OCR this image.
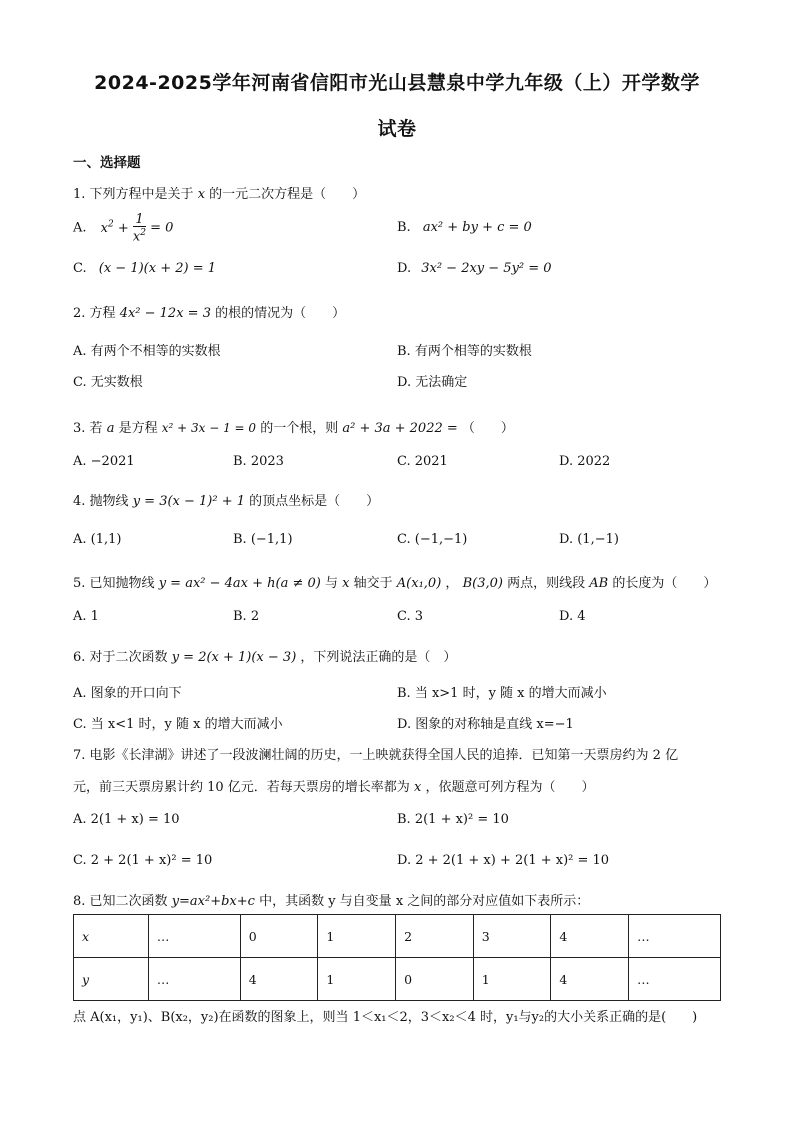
2024-2025学年河南省信阳市光山县慧泉中学九年级（上）开学数学
试卷
一、选择题
1. 下列方程中是关于 x 的一元二次方程是（　　）
A. $x^2 + \frac{1}{x^2} = 0$	B. ax² + by + c = 0
C. (x − 1)(x + 2) = 1	D. 3x² − 2xy − 5y² = 0
2. 方程 4x² − 12x = 3 的根的情况为（　　）
A. 有两个不相等的实数根	B. 有两个相等的实数根
C. 无实数根	D. 无法确定
3. 若 a 是方程 x² + 3x − 1 = 0 的一个根，则 a² + 3a + 2022 = （　　）
A. −2021	B. 2023	C. 2021	D. 2022
4. 抛物线 y = 3(x − 1)² + 1 的顶点坐标是（　　）
A. (1,1)	B. (−1,1)	C. (−1,−1)	D. (1,−1)
5. 已知抛物线 y = ax² − 4ax + h(a ≠ 0) 与 x 轴交于 A(x₁,0) ， B(3,0) 两点，则线段 AB 的长度为（　　）
A. 1	B. 2	C. 3	D. 4
6. 对于二次函数 y = 2(x + 1)(x − 3) ，下列说法正确的是（　）
A. 图象的开口向下	B. 当 x>1 时，y 随 x 的增大而减小
C. 当 x<1 时，y 随 x 的增大而减小	D. 图象的对称轴是直线 x=−1
7. 电影《长津湖》讲述了一段波澜壮阔的历史，一上映就获得全国人民的追捧．已知第一天票房约为 2 亿
元，前三天票房累计约 10 亿元．若每天票房的增长率都为 x ，依题意可列方程为（　　）
A. 2(1 + x) = 10	B. 2(1 + x)² = 10
C. 2 + 2(1 + x)² = 10	D. 2 + 2(1 + x) + 2(1 + x)² = 10
8. 已知二次函数 y=ax²+bx+c 中，其函数 y 与自变量 x 之间的部分对应值如下表所示：
x	…	0	1	2	3	4	…
y	…	4	1	0	1	4	…
点 A(x₁，y₁)、B(x₂，y₂)在函数的图象上，则当 1＜x₁＜2，3＜x₂＜4 时，y₁与y₂的大小关系正确的是(　　)
